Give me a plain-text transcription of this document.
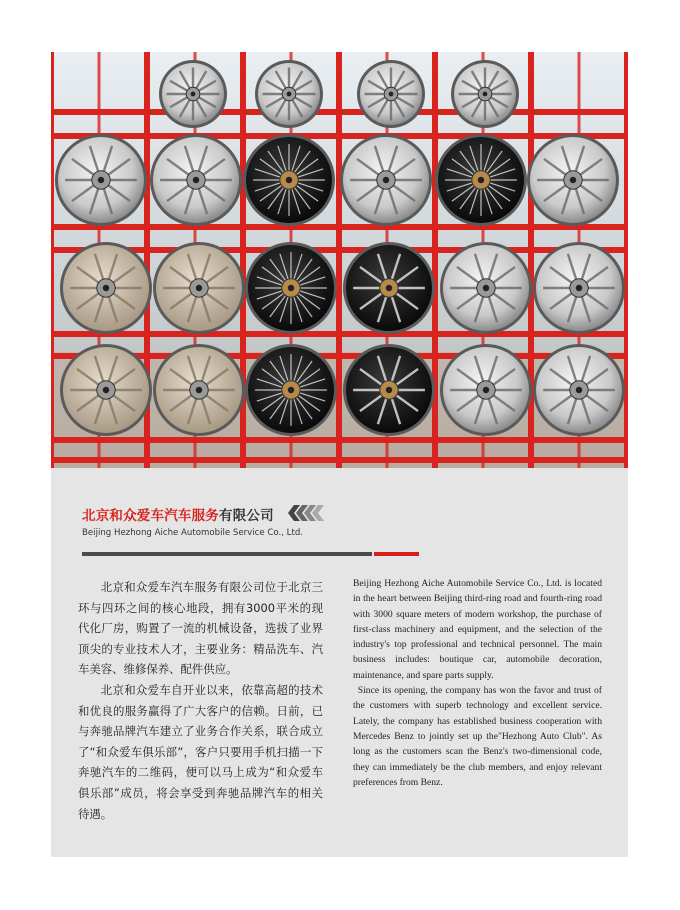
北京和众爱车汽车服务有限公司
Beijing Hezhong Aiche Automobile Service Co., Ltd.

北京和众爱车汽车服务有限公司位于北京三环与四环之间的核心地段，拥有3000平米的现代化厂房，购置了一流的机械设备，选拔了业界顶尖的专业技术人才，主要业务：精品洗车、汽车美容、维修保养、配件供应。

北京和众爱车自开业以来，依靠高超的技术和优良的服务赢得了广大客户的信赖。日前，已与奔驰品牌汽车建立了业务合作关系，联合成立了“和众爱车俱乐部”，客户只要用手机扫描一下奔驰汽车的二维码，便可以马上成为“和众爱车俱乐部”成员，将会享受到奔驰品牌汽车的相关待遇。

Beijing Hezhong Aiche Automobile Service Co., Ltd. is located in the heart between Beijing third-ring road and fourth-ring road with 3000 square meters of modern workshop, the purchase of first-class machinery and equipment, and the selection of the industry's top professional and technical personnel. The main business includes: boutique car, automobile decoration, maintenance, and spare parts supply.

Since its opening, the company has won the favor and trust of the customers with superb technology and excellent service. Lately, the company has established business cooperation with Mercedes Benz to jointly set up the"Hezhong Auto Club". As long as the customers scan the Benz's two-dimensional code, they can immediately be the club members, and enjoy relevant preferences from Benz.
